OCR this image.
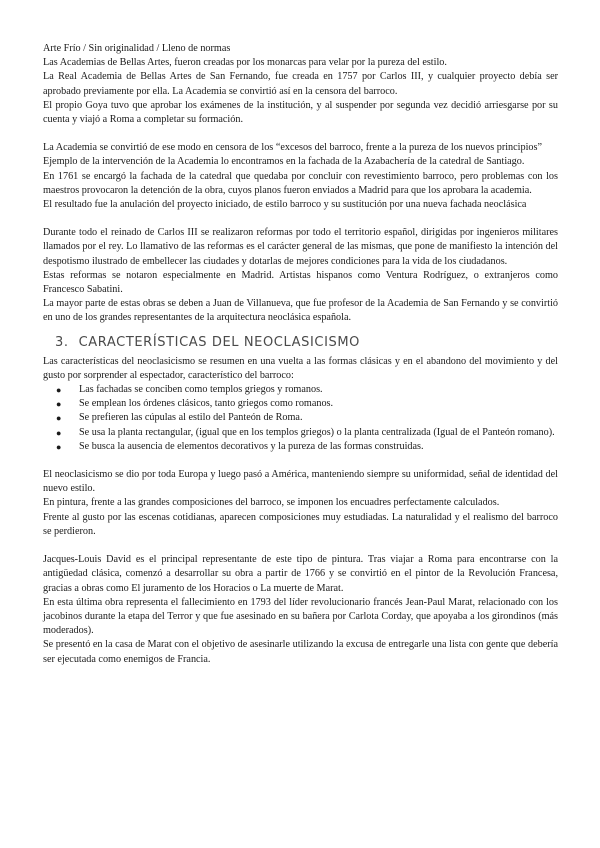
Arte Frío / Sin originalidad / Lleno de normas

Las Academias de Bellas Artes, fueron creadas por los monarcas para velar por la pureza del estilo.

La Real Academia de Bellas Artes de San Fernando, fue creada en 1757 por Carlos III, y cualquier proyecto debía ser aprobado previamente por ella. La Academia se convirtió así en la censora del barroco.

El propio Goya tuvo que aprobar los exámenes de la institución, y al suspender por segunda vez decidió arriesgarse por su cuenta y viajó a Roma a completar su formación.

La Academia se convirtió de ese modo en censora de los “excesos del barroco, frente a la pureza de los nuevos principios”

Ejemplo de la intervención de la Academia lo encontramos en la fachada de la Azabachería de la catedral de Santiago.

En 1761 se encargó la fachada de la catedral que quedaba por concluir con revestimiento barroco, pero problemas con los maestros provocaron la detención de la obra, cuyos planos fueron enviados a Madrid para que los aprobara la academia.

El resultado fue la anulación del proyecto iniciado, de estilo barroco y su sustitución por una nueva fachada neoclásica

Durante todo el reinado de Carlos III se realizaron reformas por todo el territorio español, dirigidas por ingenieros militares llamados por el rey. Lo llamativo de las reformas es el carácter general de las mismas, que pone de manifiesto la intención del despotismo ilustrado de embellecer las ciudades y dotarlas de mejores condiciones para la vida de los ciudadanos.

Estas reformas se notaron especialmente en Madrid. Artistas hispanos como Ventura Rodríguez, o extranjeros como Francesco Sabatini.

La mayor parte de estas obras se deben a Juan de Villanueva, que fue profesor de la Academia de San Fernando y se convirtió en uno de los grandes representantes de la arquitectura neoclásica española.

3. CARACTERÍSTICAS DEL NEOCLASICISMO

Las características del neoclasicismo se resumen en una vuelta a las formas clásicas y en el abandono del movimiento y del gusto por sorprender al espectador, característico del barroco:

● Las fachadas se conciben como templos griegos y romanos.
● Se emplean los órdenes clásicos, tanto griegos como romanos.
● Se prefieren las cúpulas al estilo del Panteón de Roma.
● Se usa la planta rectangular, (igual que en los templos griegos) o la planta centralizada (Igual de el Panteón romano).
● Se busca la ausencia de elementos decorativos y la pureza de las formas construidas.

El neoclasicismo se dio por toda Europa y luego pasó a América, manteniendo siempre su uniformidad, señal de identidad del nuevo estilo.

En pintura, frente a las grandes composiciones del barroco, se imponen los encuadres perfectamente calculados.

Frente al gusto por las escenas cotidianas, aparecen composiciones muy estudiadas. La naturalidad y el realismo del barroco se perdieron.

Jacques-Louis David es el principal representante de este tipo de pintura. Tras viajar a Roma para encontrarse con la antigüedad clásica, comenzó a desarrollar su obra a partir de 1766 y se convirtió en el pintor de la Revolución Francesa, gracias a obras como El juramento de los Horacios o La muerte de Marat.

En esta última obra representa el fallecimiento en 1793 del líder revolucionario francés Jean-Paul Marat, relacionado con los jacobinos durante la etapa del Terror y que fue asesinado en su bañera por Carlota Corday, que apoyaba a los girondinos (más moderados).

Se presentó en la casa de Marat con el objetivo de asesinarle utilizando la excusa de entregarle una lista con gente que debería ser ejecutada como enemigos de Francia.
